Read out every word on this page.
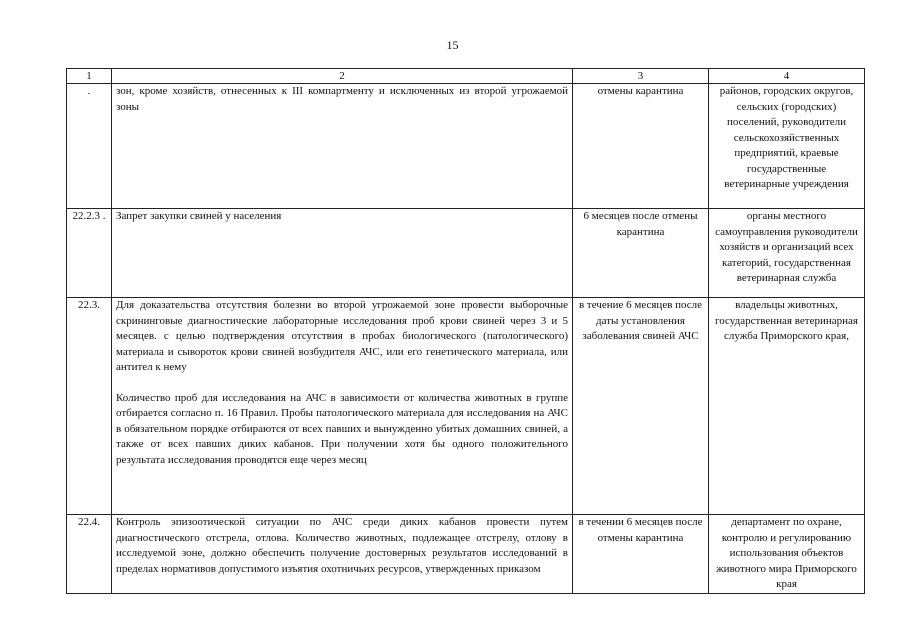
15
1	2	3	4
.	зон, кроме хозяйств, отнесенных к III компартменту и исключенных из второй угрожаемой зоны	отмены карантина	районов, городских округов, сельских (городских) поселений, руководители сельскохозяйственных предприятий, краевые государственные ветеринарные учреждения
22.2.3 .	Запрет закупки свиней у населения	6 месяцев после отмены карантина	органы местного самоуправления руководители хозяйств и организаций всех категорий, государственная ветеринарная служба
22.3.	Для доказательства отсутствия болезни во второй угрожаемой зоне провести выборочные скрининговые диагностические лабораторные исследования проб крови свиней через 3 и 5 месяцев. с целью подтверждения отсутствия в пробах биологического (патологического) материала и сывороток крови свиней возбудителя АЧС, или его генетического материала, или антител к нему

Количество проб для исследования на АЧС в зависимости от количества животных в группе отбирается согласно п. 16 Правил. Пробы патологического материала для исследования на АЧС в обязательном порядке отбираются от всех павших и вынужденно убитых домашних свиней, а также от всех павших диких кабанов. При получении хотя бы одного положительного результата исследования проводятся еще через месяц	в течение 6 месяцев после даты установления заболевания свиней АЧС	владельцы животных, государственная ветеринарная служба Приморского края,
22.4.	Контроль эпизоотической ситуации по АЧС среди диких кабанов провести путем диагностического отстрела, отлова. Количество животных, подлежащее отстрелу, отлову в исследуемой зоне, должно обеспечить получение достоверных результатов исследований в пределах нормативов допустимого изъятия охотничьих ресурсов, утвержденных приказом	в течении 6 месяцев после отмены карантина	департамент по охране, контролю и регулированию использования объектов животного мира Приморского края
